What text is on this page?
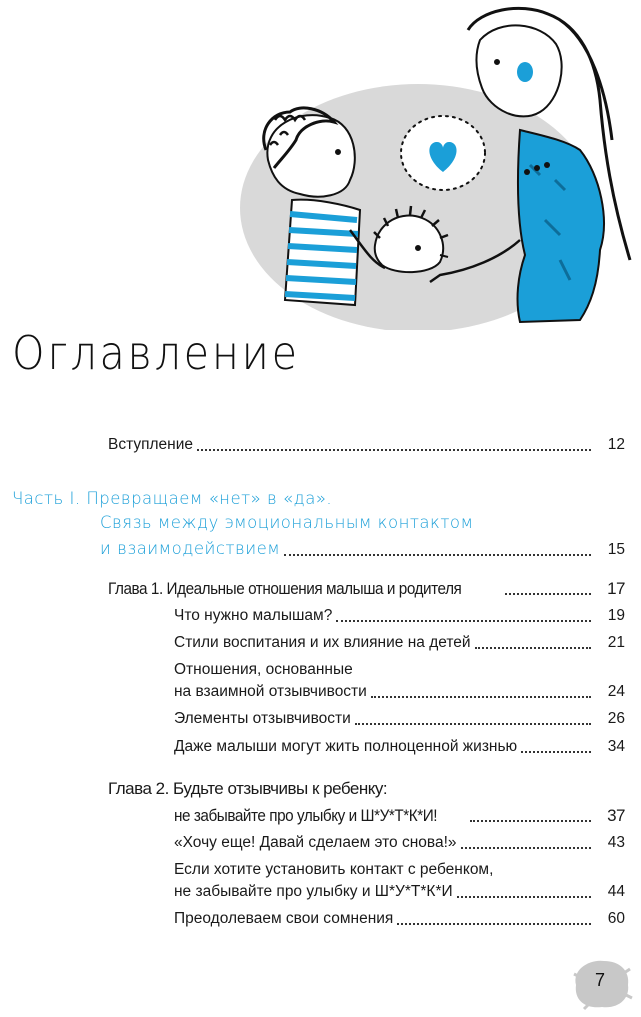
Оглавление
Вступление	12
Часть I. Превращаем «нет» в «да».
Связь между эмоциональным контактом
и взаимодействием	15
Глава 1. Идеальные отношения малыша и родителя	17
Что нужно малышам?	19
Стили воспитания и их влияние на детей	21
Отношения, основанные
на взаимной отзывчивости	24
Элементы отзывчивости	26
Даже малыши могут жить полноценной жизнью	34
Глава 2. Будьте отзывчивы к ребенку:
не забывайте про улыбку и Ш*У*Т*К*И!	37
«Хочу еще! Давай сделаем это снова!»	43
Если хотите установить контакт с ребенком,
не забывайте про улыбку и Ш*У*Т*К*И	44
Преодолеваем свои сомнения	60
7
